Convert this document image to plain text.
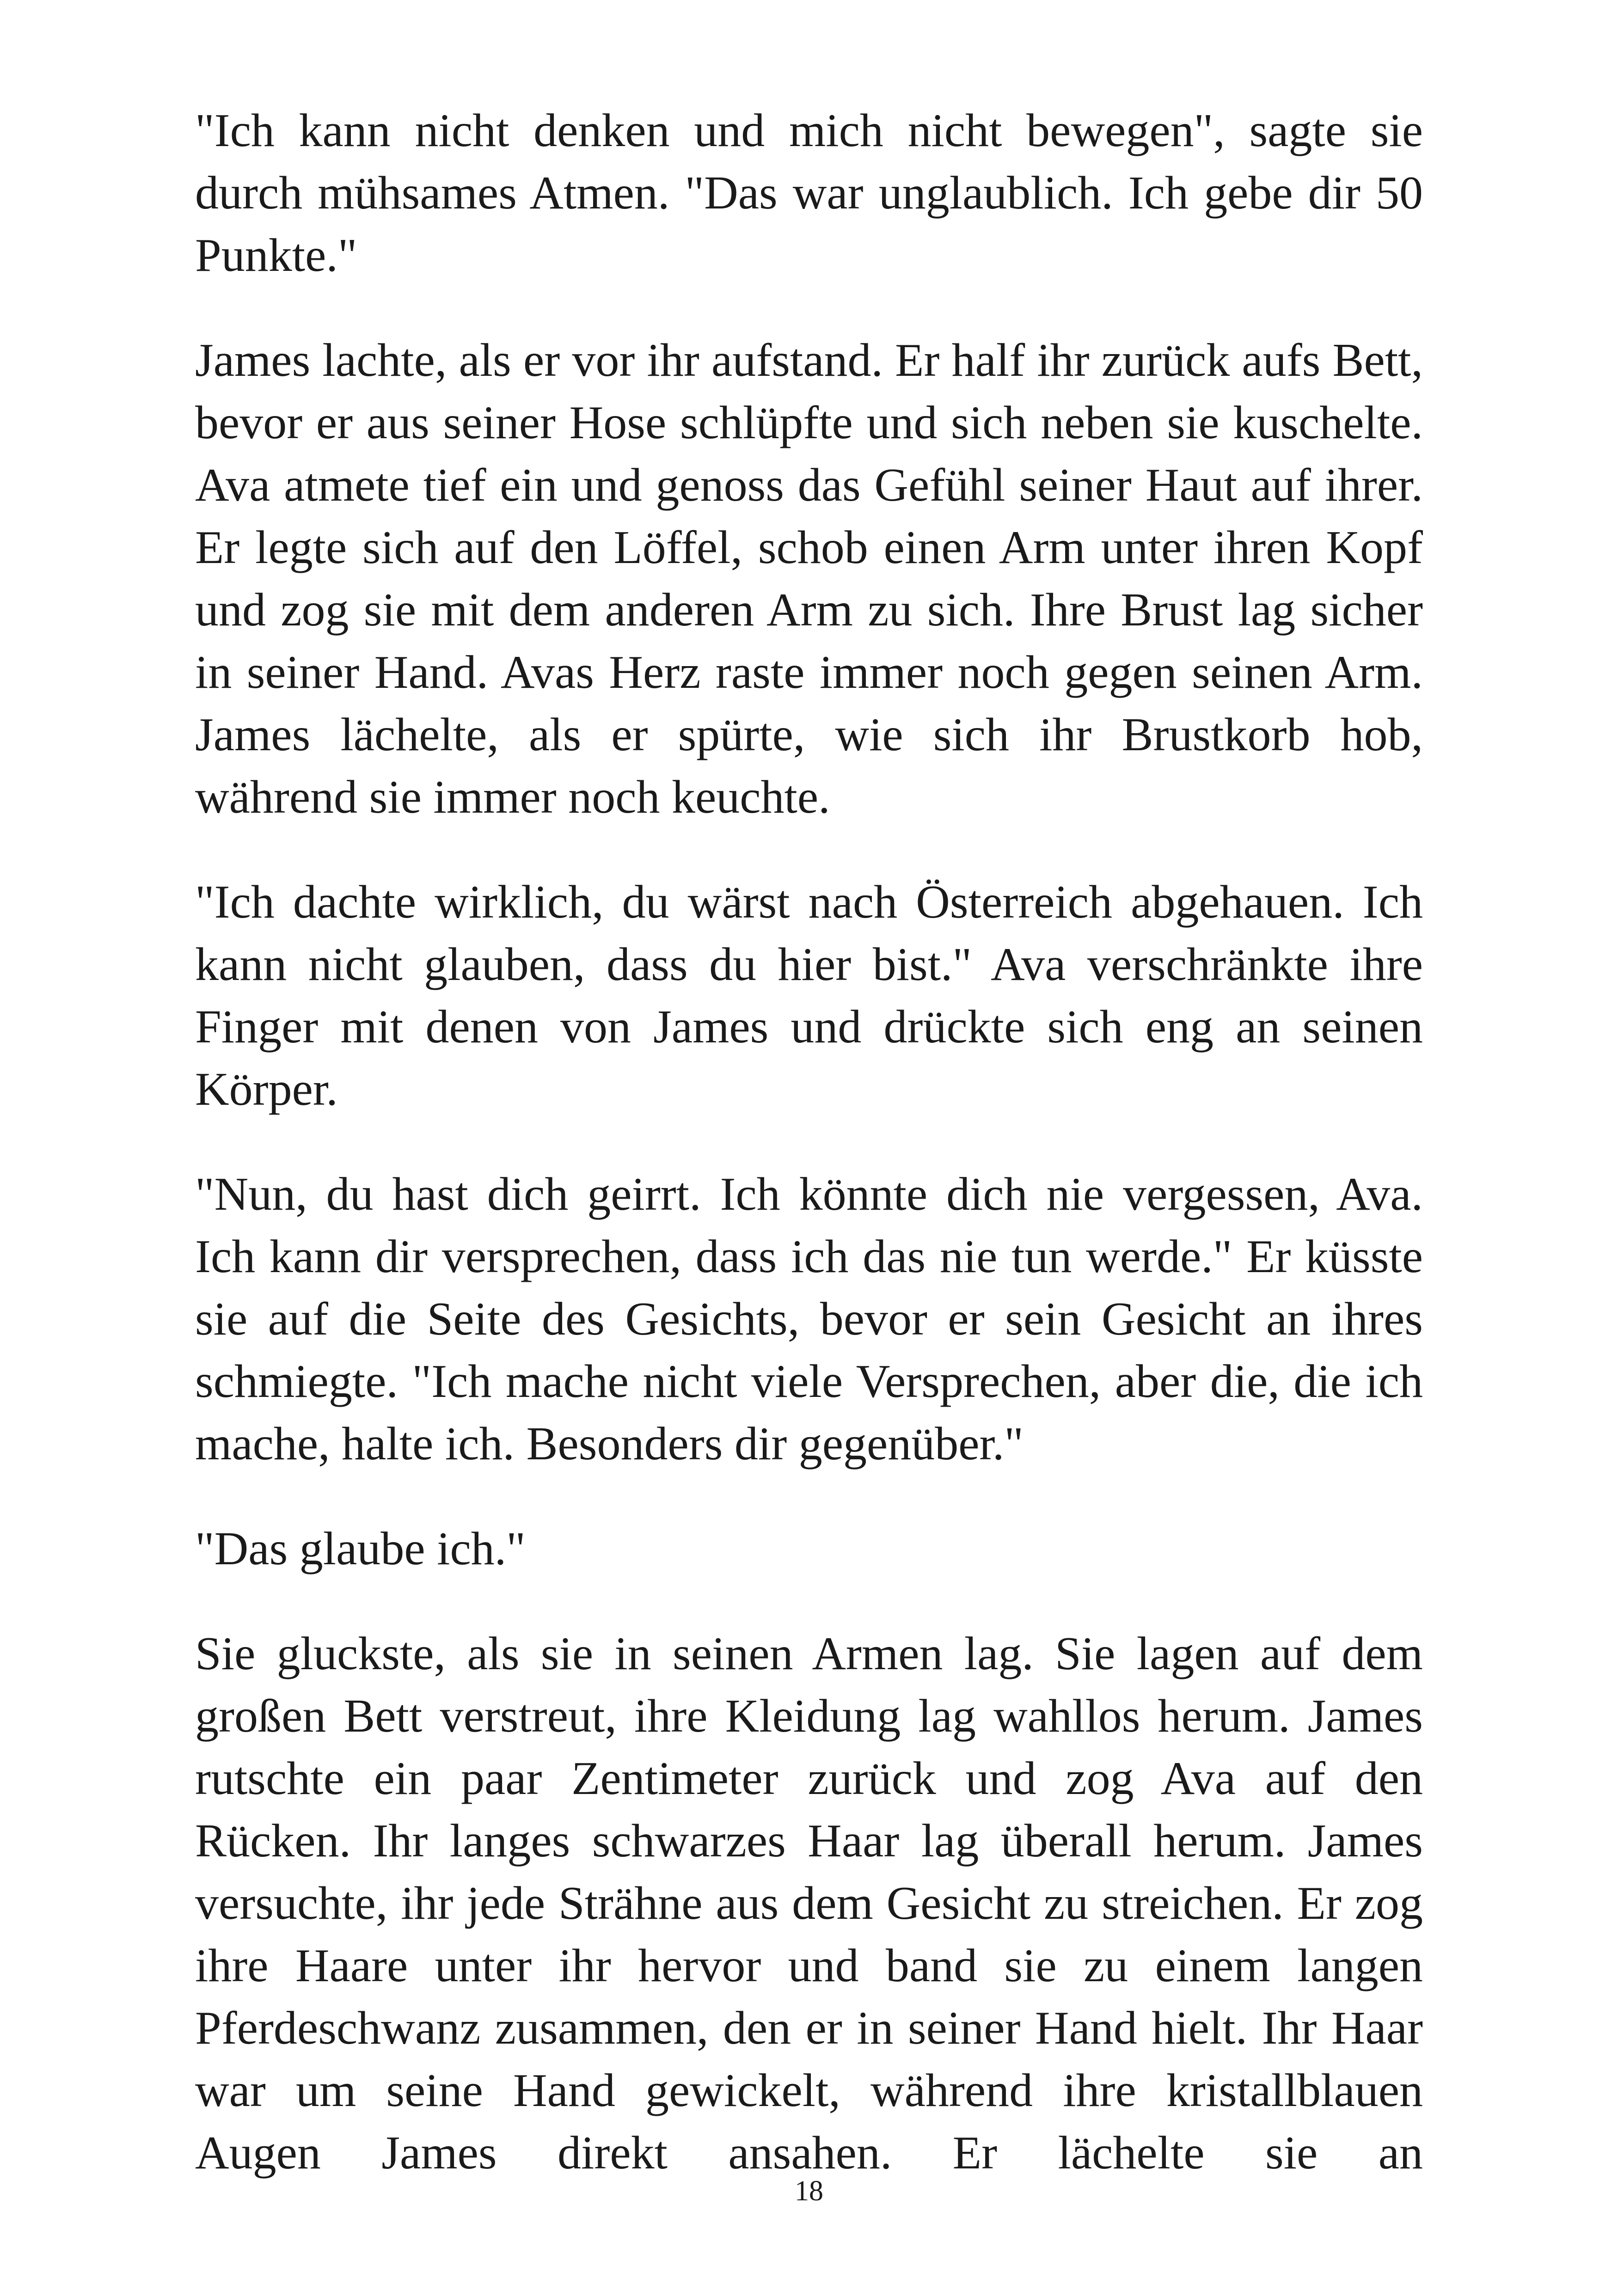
"Ich kann nicht denken und mich nicht bewegen", sagte sie durch mühsames Atmen. "Das war unglaublich. Ich gebe dir 50 Punkte."

James lachte, als er vor ihr aufstand. Er half ihr zurück aufs Bett, bevor er aus seiner Hose schlüpfte und sich neben sie kuschelte. Ava atmete tief ein und genoss das Gefühl seiner Haut auf ihrer. Er legte sich auf den Löffel, schob einen Arm unter ihren Kopf und zog sie mit dem anderen Arm zu sich. Ihre Brust lag sicher in seiner Hand. Avas Herz raste immer noch gegen seinen Arm. James lächelte, als er spürte, wie sich ihr Brustkorb hob, während sie immer noch keuchte.

"Ich dachte wirklich, du wärst nach Österreich abgehauen. Ich kann nicht glauben, dass du hier bist." Ava verschränkte ihre Finger mit denen von James und drückte sich eng an seinen Körper.

"Nun, du hast dich geirrt. Ich könnte dich nie vergessen, Ava. Ich kann dir versprechen, dass ich das nie tun werde." Er küsste sie auf die Seite des Gesichts, bevor er sein Gesicht an ihres schmiegte. "Ich mache nicht viele Versprechen, aber die, die ich mache, halte ich. Besonders dir gegenüber."

"Das glaube ich."

Sie gluckste, als sie in seinen Armen lag. Sie lagen auf dem großen Bett verstreut, ihre Kleidung lag wahllos herum. James rutschte ein paar Zentimeter zurück und zog Ava auf den Rücken. Ihr langes schwarzes Haar lag überall herum. James versuchte, ihr jede Strähne aus dem Gesicht zu streichen. Er zog ihre Haare unter ihr hervor und band sie zu einem langen Pferdeschwanz zusammen, den er in seiner Hand hielt. Ihr Haar war um seine Hand gewickelt, während ihre kristallblauen Augen James direkt ansahen. Er lächelte sie an

18
